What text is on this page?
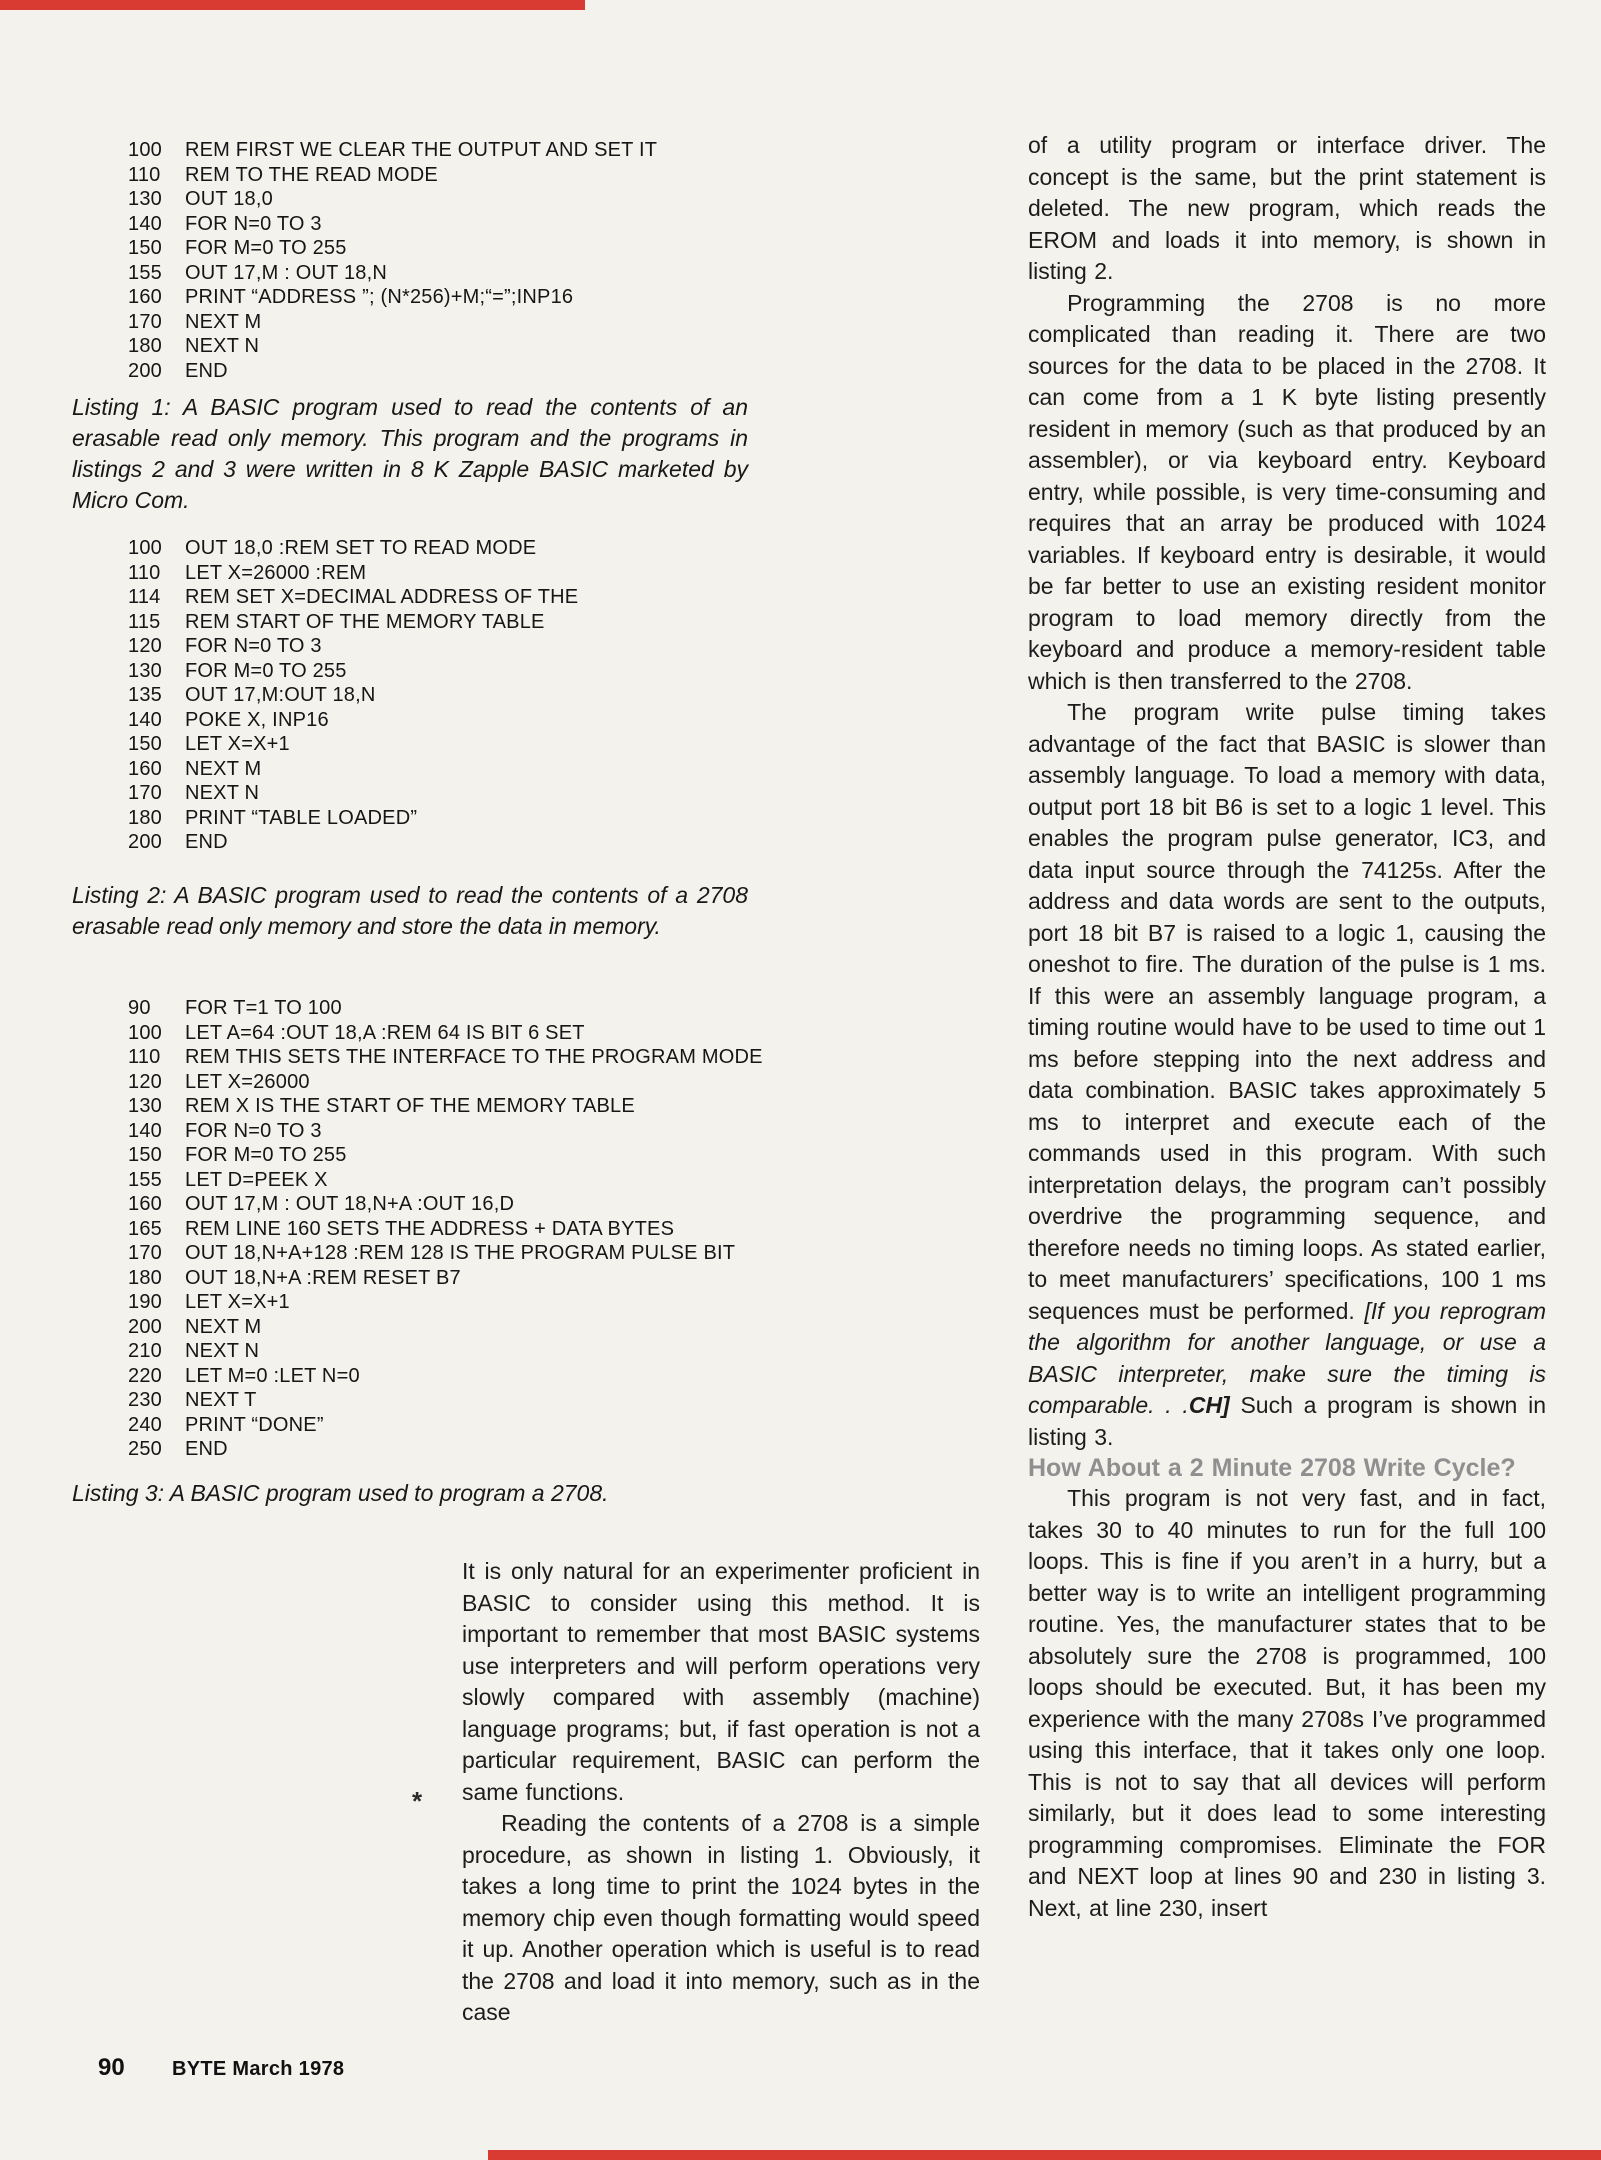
100	REM FIRST WE CLEAR THE OUTPUT AND SET IT
110	REM TO THE READ MODE
130	OUT 18,0
140	FOR N=0 TO 3
150	FOR M=0 TO 255
155	OUT 17,M : OUT 18,N
160	PRINT “ADDRESS ”; (N*256)+M;“=”;INP16
170	NEXT M
180	NEXT N
200	END
Listing 1: A BASIC program used to read the contents of an erasable read only memory. This program and the programs in listings 2 and 3 were written in 8 K Zapple BASIC marketed by Micro Com.
100	OUT 18,0 :REM SET TO READ MODE
110	LET X=26000 :REM
114	REM SET X=DECIMAL ADDRESS OF THE
115	REM START OF THE MEMORY TABLE
120	FOR N=0 TO 3
130	FOR M=0 TO 255
135	OUT 17,M:OUT 18,N
140	POKE X, INP16
150	LET X=X+1
160	NEXT M
170	NEXT N
180	PRINT “TABLE LOADED”
200	END
Listing 2: A BASIC program used to read the contents of a 2708 erasable read only memory and store the data in memory.
90	FOR T=1 TO 100
100	LET A=64 :OUT 18,A :REM 64 IS BIT 6 SET
110	REM THIS SETS THE INTERFACE TO THE PROGRAM MODE
120	LET X=26000
130	REM X IS THE START OF THE MEMORY TABLE
140	FOR N=0 TO 3
150	FOR M=0 TO 255
155	LET D=PEEK X
160	OUT 17,M : OUT 18,N+A :OUT 16,D
165	REM LINE 160 SETS THE ADDRESS + DATA BYTES
170	OUT 18,N+A+128 :REM 128 IS THE PROGRAM PULSE BIT
180	OUT 18,N+A :REM RESET B7
190	LET X=X+1
200	NEXT M
210	NEXT N
220	LET M=0 :LET N=0
230	NEXT T
240	PRINT “DONE”
250	END
Listing 3: A BASIC program used to program a 2708.
*

It is only natural for an experimenter proficient in BASIC to consider using this method. It is important to remember that most BASIC systems use interpreters and will perform operations very slowly compared with assembly (machine) language programs; but, if fast operation is not a particular requirement, BASIC can perform the same functions.

Reading the contents of a 2708 is a simple procedure, as shown in listing 1. Obviously, it takes a long time to print the 1024 bytes in the memory chip even though formatting would speed it up. Another operation which is useful is to read the 2708 and load it into memory, such as in the case

of a utility program or interface driver. The concept is the same, but the print statement is deleted. The new program, which reads the EROM and loads it into memory, is shown in listing 2.

Programming the 2708 is no more complicated than reading it. There are two sources for the data to be placed in the 2708. It can come from a 1 K byte listing presently resident in memory (such as that produced by an assembler), or via keyboard entry. Keyboard entry, while possible, is very time-consuming and requires that an array be produced with 1024 variables. If keyboard entry is desirable, it would be far better to use an existing resident monitor program to load memory directly from the keyboard and produce a memory-resident table which is then transferred to the 2708.

The program write pulse timing takes advantage of the fact that BASIC is slower than assembly language. To load a memory with data, output port 18 bit B6 is set to a logic 1 level. This enables the program pulse generator, IC3, and data input source through the 74125s. After the address and data words are sent to the outputs, port 18 bit B7 is raised to a logic 1, causing the oneshot to fire. The duration of the pulse is 1 ms. If this were an assembly language program, a timing routine would have to be used to time out 1 ms before stepping into the next address and data combination. BASIC takes approximately 5 ms to interpret and execute each of the commands used in this program. With such interpretation delays, the program can’t possibly overdrive the programming sequence, and therefore needs no timing loops. As stated earlier, to meet manufacturers’ specifications, 100 1 ms sequences must be performed. [If you reprogram the algorithm for another language, or use a BASIC interpreter, make sure the timing is comparable. . .CH] Such a program is shown in listing 3.

How About a 2 Minute 2708 Write Cycle?

This program is not very fast, and in fact, takes 30 to 40 minutes to run for the full 100 loops. This is fine if you aren’t in a hurry, but a better way is to write an intelligent programming routine. Yes, the manufacturer states that to be absolutely sure the 2708 is programmed, 100 loops should be executed. But, it has been my experience with the many 2708s I’ve programmed using this interface, that it takes only one loop. This is not to say that all devices will perform similarly, but it does lead to some interesting programming compromises. Eliminate the FOR and NEXT loop at lines 90 and 230 in listing 3. Next, at line 230, insert

90 BYTE March 1978
